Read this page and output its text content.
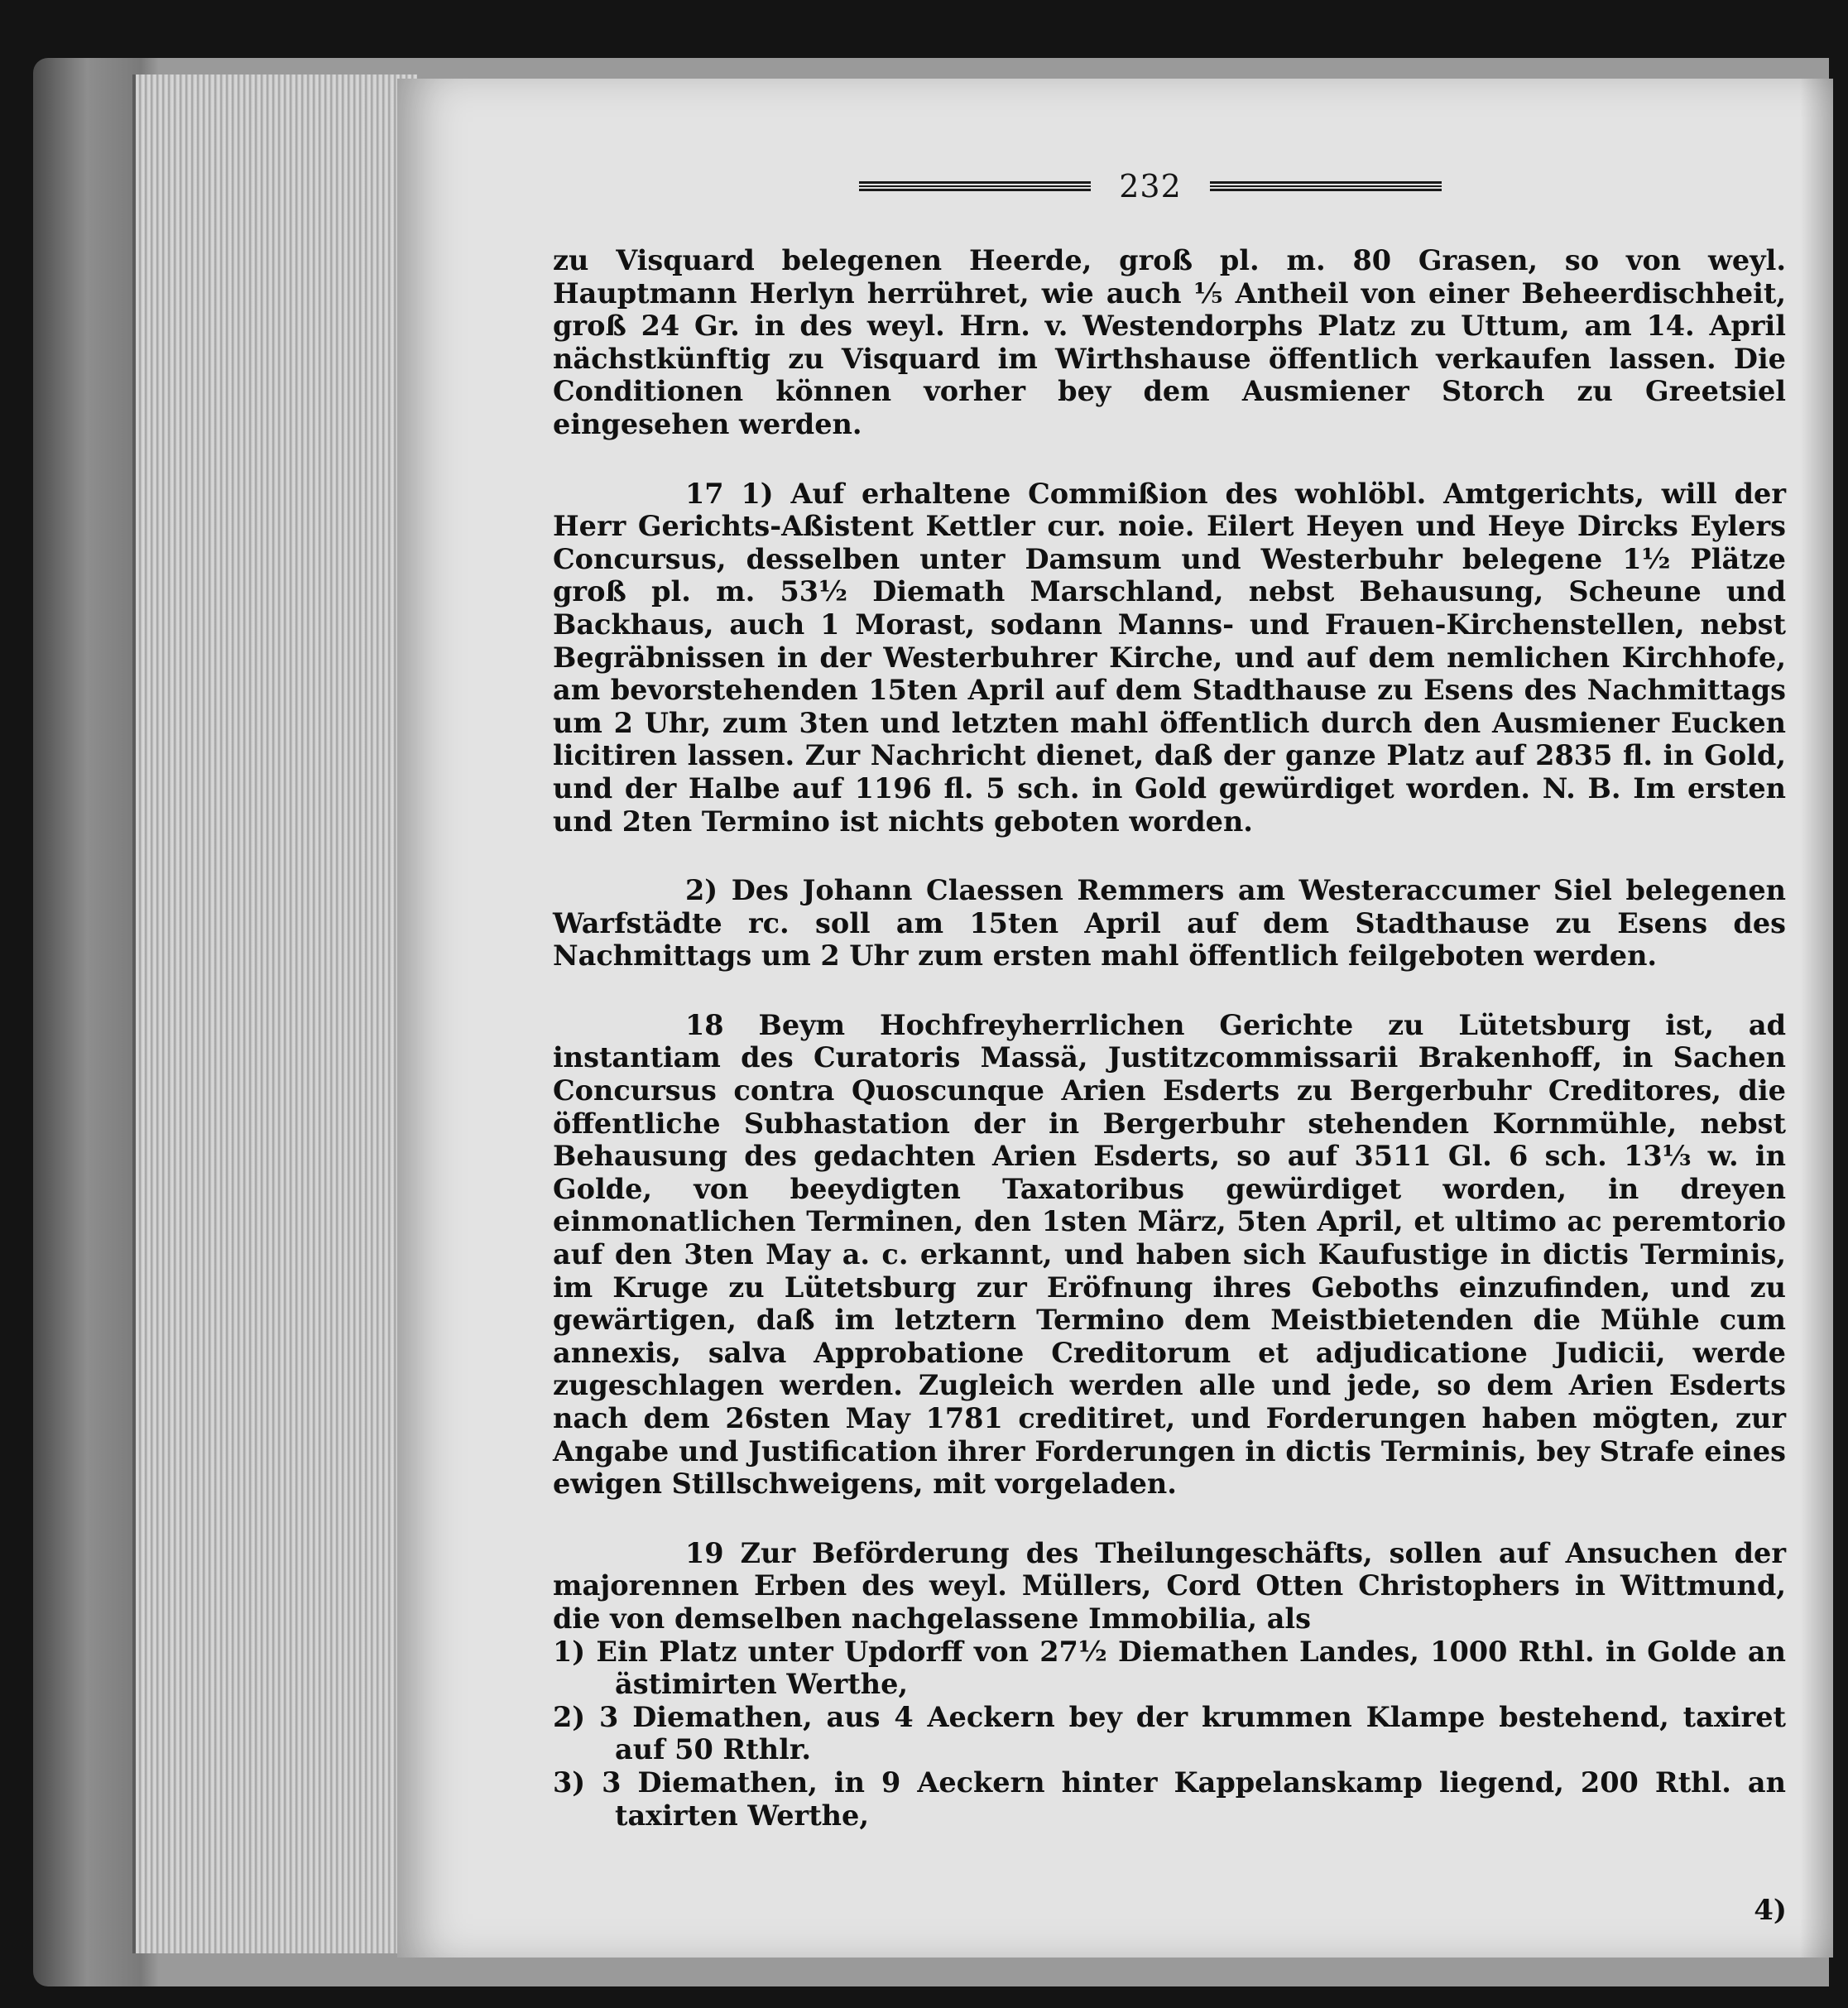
232

zu Visquard belegenen Heerde, groß pl. m. 80 Grasen, so von weyl. Hauptmann Herlyn herrühret, wie auch ⅕ Antheil von einer Beheerdischheit, groß 24 Gr. in des weyl. Hrn. v. Westendorphs Platz zu Uttum, am 14. April nächstkünftig zu Visquard im Wirthshause öffentlich verkaufen lassen. Die Conditionen können vorher bey dem Ausmiener Storch zu Greetsiel eingesehen werden.

17 1) Auf erhaltene Commißion des wohlöbl. Amtgerichts, will der Herr Gerichts-Aßistent Kettler cur. noie. Eilert Heyen und Heye Dircks Eylers Concursus, desselben unter Damsum und Westerbuhr belegene 1½ Plätze groß pl. m. 53½ Diemath Marschland, nebst Behausung, Scheune und Backhaus, auch 1 Morast, sodann Manns- und Frauen-Kirchenstellen, nebst Begräbnissen in der Westerbuhrer Kirche, und auf dem nemlichen Kirchhofe, am bevorstehenden 15ten April auf dem Stadthause zu Esens des Nachmittags um 2 Uhr, zum 3ten und letzten mahl öffentlich durch den Ausmiener Eucken licitiren lassen. Zur Nachricht dienet, daß der ganze Platz auf 2835 fl. in Gold, und der Halbe auf 1196 fl. 5 sch. in Gold gewürdiget worden. N. B. Im ersten und 2ten Termino ist nichts geboten worden.

2) Des Johann Claessen Remmers am Westeraccumer Siel belegenen Warfstädte rc. soll am 15ten April auf dem Stadthause zu Esens des Nachmittags um 2 Uhr zum ersten mahl öffentlich feilgeboten werden.

18 Beym Hochfreyherrlichen Gerichte zu Lütetsburg ist, ad instantiam des Curatoris Massä, Justitzcommissarii Brakenhoff, in Sachen Concursus contra Quoscunque Arien Esderts zu Bergerbuhr Creditores, die öffentliche Subhastation der in Bergerbuhr stehenden Kornmühle, nebst Behausung des gedachten Arien Esderts, so auf 3511 Gl. 6 sch. 13⅓ w. in Golde, von beeydigten Taxatoribus gewürdiget worden, in dreyen einmonatlichen Terminen, den 1sten März, 5ten April, et ultimo ac peremtorio auf den 3ten May a. c. erkannt, und haben sich Kaufustige in dictis Terminis, im Kruge zu Lütetsburg zur Eröfnung ihres Geboths einzufinden, und zu gewärtigen, daß im letztern Termino dem Meistbietenden die Mühle cum annexis, salva Approbatione Creditorum et adjudicatione Judicii, werde zugeschlagen werden. Zugleich werden alle und jede, so dem Arien Esderts nach dem 26sten May 1781 creditiret, und Forderungen haben mögten, zur Angabe und Justification ihrer Forderungen in dictis Terminis, bey Strafe eines ewigen Stillschweigens, mit vorgeladen.

19 Zur Beförderung des Theilungeschäfts, sollen auf Ansuchen der majorennen Erben des weyl. Müllers, Cord Otten Christophers in Wittmund, die von demselben nachgelassene Immobilia, als

1) Ein Platz unter Updorff von 27½ Diemathen Landes, 1000 Rthl. in Golde an ästimirten Werthe,

2) 3 Diemathen, aus 4 Aeckern bey der krummen Klampe bestehend, taxiret auf 50 Rthlr.

3) 3 Diemathen, in 9 Aeckern hinter Kappelanskamp liegend, 200 Rthl. an taxirten Werthe,

4)
